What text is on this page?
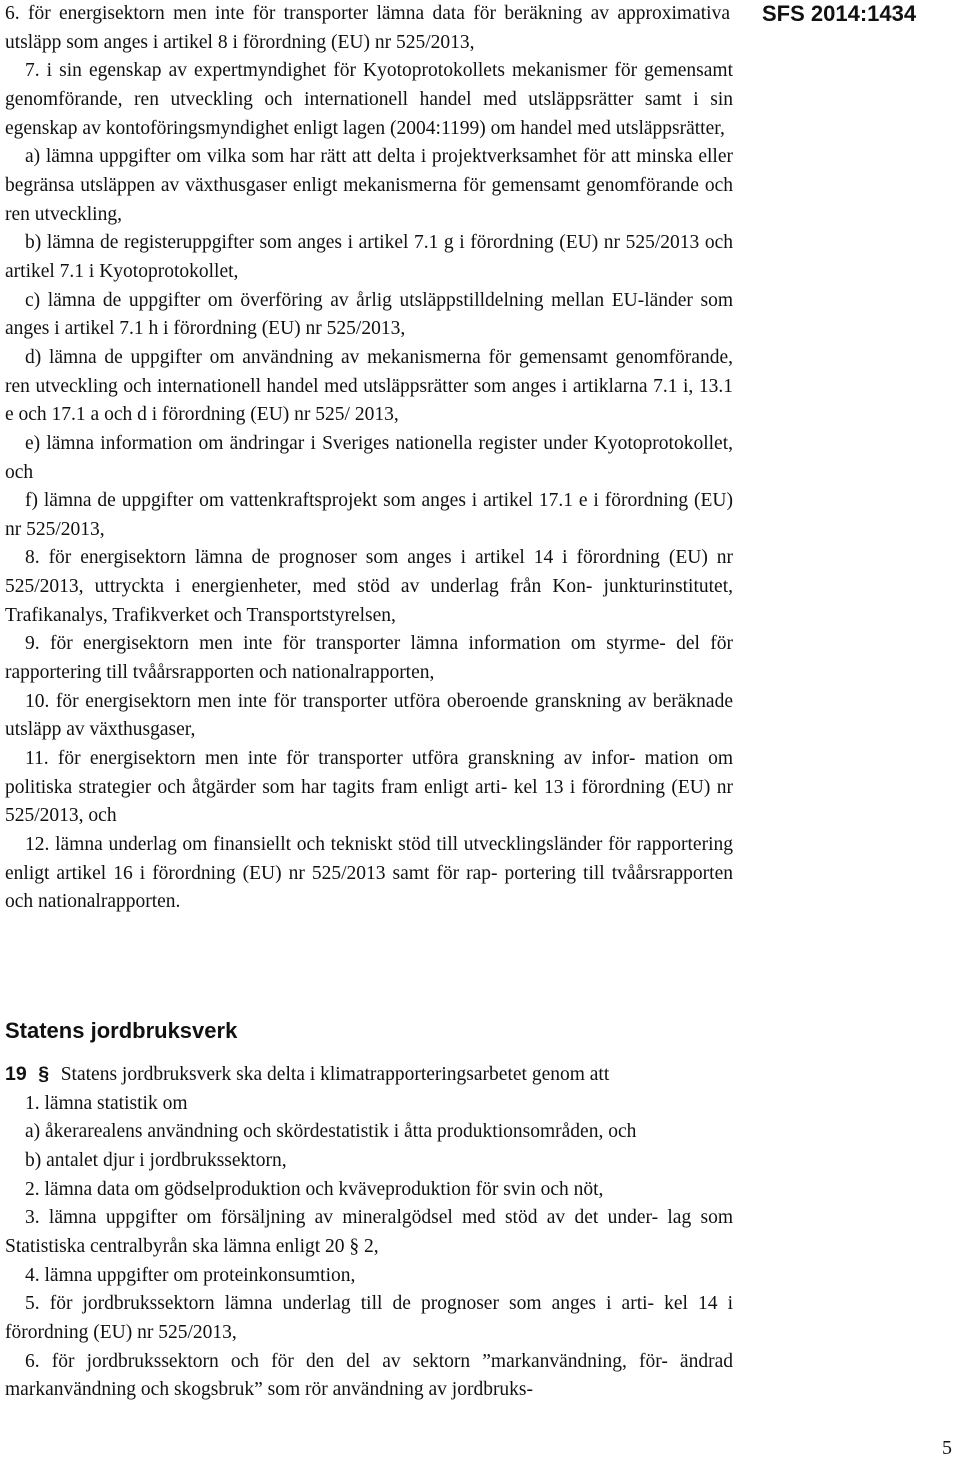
SFS 2014:1434

6. för energisektorn men inte för transporter lämna data för beräkning av approximativa utsläpp som anges i artikel 8 i förordning (EU) nr 525/2013,

7. i sin egenskap av expertmyndighet för Kyotoprotokollets mekanismer för gemensamt genomförande, ren utveckling och internationell handel med utsläppsrätter samt i sin egenskap av kontoföringsmyndighet enligt lagen (2004:1199) om handel med utsläppsrätter,

a) lämna uppgifter om vilka som har rätt att delta i projektverksamhet för att minska eller begränsa utsläppen av växthusgaser enligt mekanismerna för gemensamt genomförande och ren utveckling,

b) lämna de registeruppgifter som anges i artikel 7.1 g i förordning (EU) nr 525/2013 och artikel 7.1 i Kyotoprotokollet,

c) lämna de uppgifter om överföring av årlig utsläppstilldelning mellan EU-länder som anges i artikel 7.1 h i förordning (EU) nr 525/2013,

d) lämna de uppgifter om användning av mekanismerna för gemensamt genomförande, ren utveckling och internationell handel med utsläppsrätter som anges i artiklarna 7.1 i, 13.1 e och 17.1 a och d i förordning (EU) nr 525/ 2013,

e) lämna information om ändringar i Sveriges nationella register under Kyotoprotokollet, och

f) lämna de uppgifter om vattenkraftsprojekt som anges i artikel 17.1 e i förordning (EU) nr 525/2013,

8. för energisektorn lämna de prognoser som anges i artikel 14 i förordning (EU) nr 525/2013, uttryckta i energienheter, med stöd av underlag från Kon- junkturinstitutet, Trafikanalys, Trafikverket och Transportstyrelsen,

9. för energisektorn men inte för transporter lämna information om styrme- del för rapportering till tvåårsrapporten och nationalrapporten,

10. för energisektorn men inte för transporter utföra oberoende granskning av beräknade utsläpp av växthusgaser,

11. för energisektorn men inte för transporter utföra granskning av infor- mation om politiska strategier och åtgärder som har tagits fram enligt arti- kel 13 i förordning (EU) nr 525/2013, och

12. lämna underlag om finansiellt och tekniskt stöd till utvecklingsländer för rapportering enligt artikel 16 i förordning (EU) nr 525/2013 samt för rap- portering till tvåårsrapporten och nationalrapporten.

Statens jordbruksverk

19 § Statens jordbruksverk ska delta i klimatrapporteringsarbetet genom att

1. lämna statistik om

a) åkerarealens användning och skördestatistik i åtta produktionsområden, och

b) antalet djur i jordbrukssektorn,

2. lämna data om gödselproduktion och kväveproduktion för svin och nöt,

3. lämna uppgifter om försäljning av mineralgödsel med stöd av det under- lag som Statistiska centralbyrån ska lämna enligt 20 § 2,

4. lämna uppgifter om proteinkonsumtion,

5. för jordbrukssektorn lämna underlag till de prognoser som anges i arti- kel 14 i förordning (EU) nr 525/2013,

6. för jordbrukssektorn och för den del av sektorn ”markanvändning, för- ändrad markanvändning och skogsbruk” som rör användning av jordbruks-

5
